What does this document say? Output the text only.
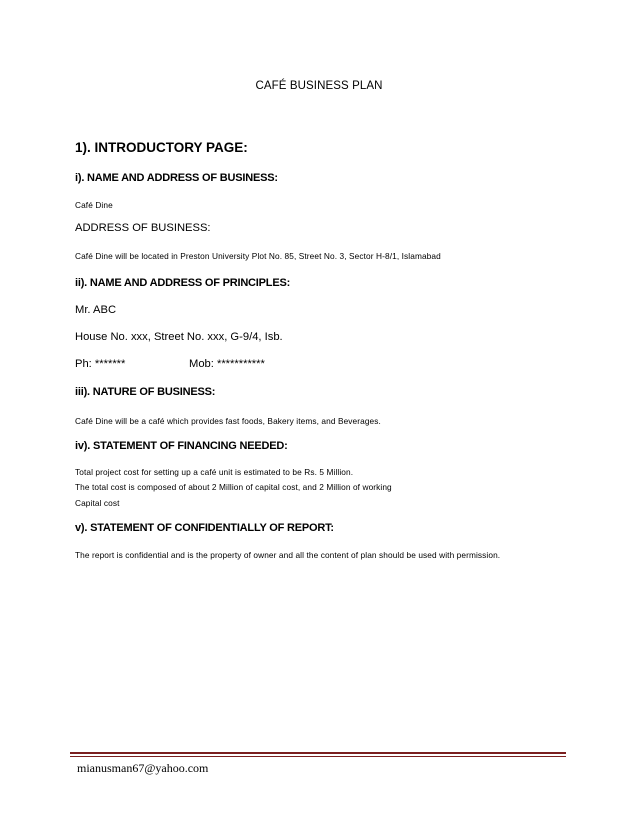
CAFÉ BUSINESS PLAN
1). INTRODUCTORY PAGE:
i). NAME AND ADDRESS OF BUSINESS:
Café Dine
ADDRESS OF BUSINESS:
Café Dine will be located in Preston University Plot No. 85, Street No. 3, Sector H-8/1, Islamabad
ii). NAME AND ADDRESS OF PRINCIPLES:
Mr. ABC
House No. xxx, Street No. xxx, G-9/4, Isb.
Ph: *******	Mob: ***********
iii). NATURE OF BUSINESS:
Café Dine will be a café which provides fast foods, Bakery items, and Beverages.
iv). STATEMENT OF FINANCING NEEDED:
Total project cost for setting up a café unit is estimated to be Rs. 5 Million.
The total cost is composed of about 2 Million of capital cost, and 2 Million of working
Capital cost
v). STATEMENT OF CONFIDENTIALLY OF REPORT:
The report is confidential and is the property of owner and all the content of plan should be used with permission.
mianusman67@yahoo.com
